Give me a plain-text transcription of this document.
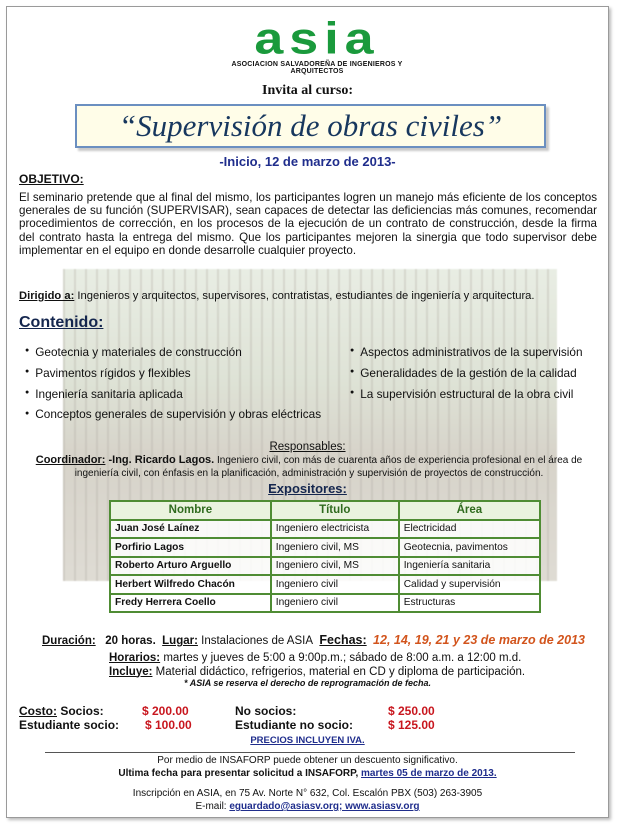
asia
ASOCIACION SALVADOREÑA DE INGENIEROS Y ARQUITECTOS
Invita al curso:
“Supervisión de obras civiles”
-Inicio, 12 de marzo de 2013-
OBJETIVO:
El seminario pretende que al final del mismo, los participantes logren un manejo más eficiente de los conceptos generales de su función (SUPERVISAR), sean capaces de detectar las deficiencias más comunes, recomendar procedimientos de corrección, en los procesos de la ejecución de un contrato de construcción, desde la firma del contrato hasta la entrega del mismo. Que los participantes mejoren la sinergia que todo supervisor debe implementar en el equipo en donde desarrolle cualquier proyecto.
Dirigido a: Ingenieros y arquitectos, supervisores, contratistas, estudiantes de ingeniería y arquitectura.
Contenido:
● Geotecnia y materiales de construcción
● Pavimentos rígidos y flexibles
● Ingeniería sanitaria aplicada
● Conceptos generales de supervisión y obras eléctricas
● Aspectos administrativos de la supervisión
● Generalidades de la gestión de la calidad
● La supervisión estructural de la obra civil
Responsables:
Coordinador: -Ing. Ricardo Lagos. Ingeniero civil, con más de cuarenta años de experiencia profesional en el área de ingeniería civil, con énfasis en la planificación, administración y supervisión de proyectos de construcción.
Expositores:
Nombre	Título	Área
Juan José Laínez	Ingeniero electricista	Electricidad
Porfirio Lagos	Ingeniero civil, MS	Geotecnia, pavimentos
Roberto Arturo Arguello	Ingeniero civil, MS	Ingeniería sanitaria
Herbert Wilfredo Chacón	Ingeniero civil	Calidad y supervisión
Fredy Herrera Coello	Ingeniero civil	Estructuras
Duración: 20 horas. Lugar: Instalaciones de ASIA Fechas: 12, 14, 19, 21 y 23 de marzo de 2013
Horarios: martes y jueves de 5:00 a 9:00p.m.; sábado de 8:00 a.m. a 12:00 m.d.
Incluye: Material didáctico, refrigerios, material en CD y diploma de participación.
* ASIA se reserva el derecho de reprogramación de fecha.
Costo: Socios:	$ 200.00	No socios:	$ 250.00
Estudiante socio: $ 100.00	Estudiante no socio:	$ 125.00
PRECIOS INCLUYEN IVA.
Por medio de INSAFORP puede obtener un descuento significativo.
Ultima fecha para presentar solicitud a INSAFORP, martes 05 de marzo de 2013.
Inscripción en ASIA, en 75 Av. Norte N° 632, Col. Escalón PBX (503) 263-3905
E-mail: eguardado@asiasv.org; www.asiasv.org
